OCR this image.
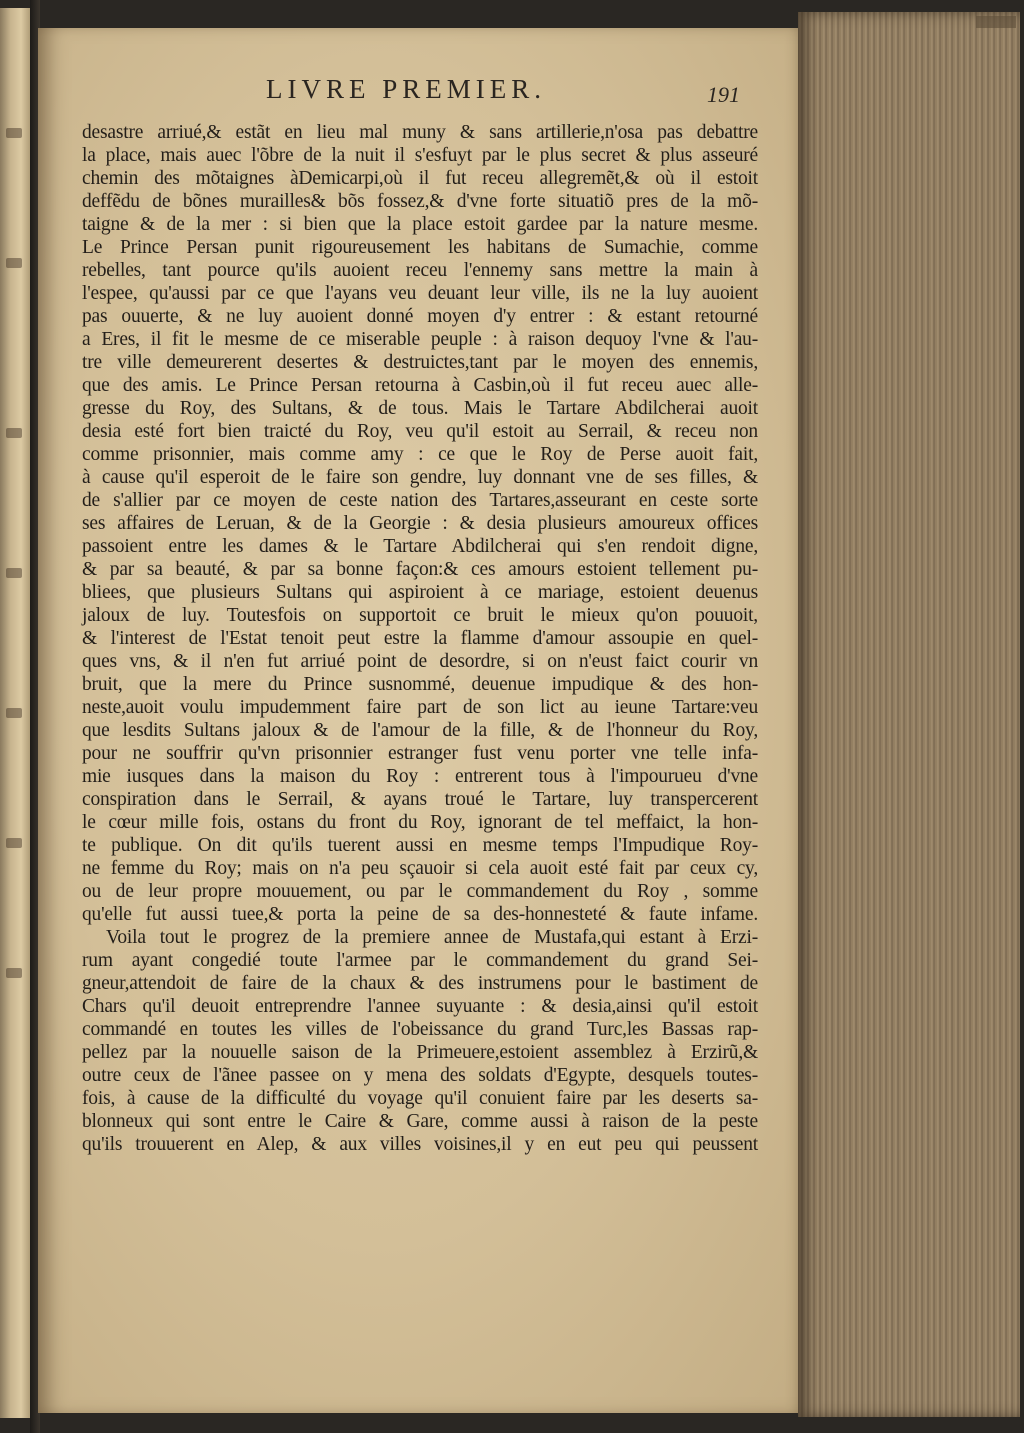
LIVRE PREMIER.	191
desastre arriué,& estãt en lieu mal muny & sans artillerie,n'osa pas debattre
la place, mais auec l'õbre de la nuit il s'esfuyt par le plus secret & plus asseuré
chemin des mõtaignes àDemicarpi,où il fut receu allegremẽt,& où il estoit
deffẽdu de bõnes murailles& bõs fossez,& d'vne forte situatiõ pres de la mõ-
taigne & de la mer : si bien que la place estoit gardee par la nature mesme.
Le Prince Persan punit rigoureusement les habitans de Sumachie, comme
rebelles, tant pource qu'ils auoient receu l'ennemy sans mettre la main à
l'espee, qu'aussi par ce que l'ayans veu deuant leur ville, ils ne la luy auoient
pas ouuerte, & ne luy auoient donné moyen d'y entrer : & estant retourné
a Eres, il fit le mesme de ce miserable peuple : à raison dequoy l'vne & l'au-
tre ville demeurerent desertes & destruictes,tant par le moyen des ennemis,
que des amis. Le Prince Persan retourna à Casbin,où il fut receu auec alle-
gresse du Roy, des Sultans, & de tous. Mais le Tartare Abdilcherai auoit
desia esté fort bien traicté du Roy, veu qu'il estoit au Serrail, & receu non
comme prisonnier, mais comme amy : ce que le Roy de Perse auoit fait,
à cause qu'il esperoit de le faire son gendre, luy donnant vne de ses filles, &
de s'allier par ce moyen de ceste nation des Tartares,asseurant en ceste sorte
ses affaires de Leruan, & de la Georgie : & desia plusieurs amoureux offices
passoient entre les dames & le Tartare Abdilcherai qui s'en rendoit digne,
& par sa beauté, & par sa bonne façon:& ces amours estoient tellement pu-
bliees, que plusieurs Sultans qui aspiroient à ce mariage, estoient deuenus
jaloux de luy. Toutesfois on supportoit ce bruit le mieux qu'on pouuoit,
& l'interest de l'Estat tenoit peut estre la flamme d'amour assoupie en quel-
ques vns, & il n'en fut arriué point de desordre, si on n'eust faict courir vn
bruit, que la mere du Prince susnommé, deuenue impudique & des hon-
neste,auoit voulu impudemment faire part de son lict au ieune Tartare:veu
que lesdits Sultans jaloux & de l'amour de la fille, & de l'honneur du Roy,
pour ne souffrir qu'vn prisonnier estranger fust venu porter vne telle infa-
mie iusques dans la maison du Roy : entrerent tous à l'impourueu d'vne
conspiration dans le Serrail, & ayans troué le Tartare, luy transpercerent
le cœur mille fois, ostans du front du Roy, ignorant de tel meffaict, la hon-
te publique. On dit qu'ils tuerent aussi en mesme temps l'Impudique Roy-
ne femme du Roy; mais on n'a peu sçauoir si cela auoit esté fait par ceux cy,
ou de leur propre mouuement, ou par le commandement du Roy , somme
qu'elle fut aussi tuee,& porta la peine de sa des-honnesteté & faute infame.
Voila tout le progrez de la premiere annee de Mustafa,qui estant à Erzi-
rum ayant congedié toute l'armee par le commandement du grand Sei-
gneur,attendoit de faire de la chaux & des instrumens pour le bastiment de
Chars qu'il deuoit entreprendre l'annee suyuante : & desia,ainsi qu'il estoit
commandé en toutes les villes de l'obeissance du grand Turc,les Bassas rap-
pellez par la nouuelle saison de la Primeuere,estoient assemblez à Erzirũ,&
outre ceux de l'ãnee passee on y mena des soldats d'Egypte, desquels toutes-
fois, à cause de la difficulté du voyage qu'il conuient faire par les deserts sa-
blonneux qui sont entre le Caire & Gare, comme aussi à raison de la peste
qu'ils trouuerent en Alep, & aux villes voisines,il y en eut peu qui peussent
